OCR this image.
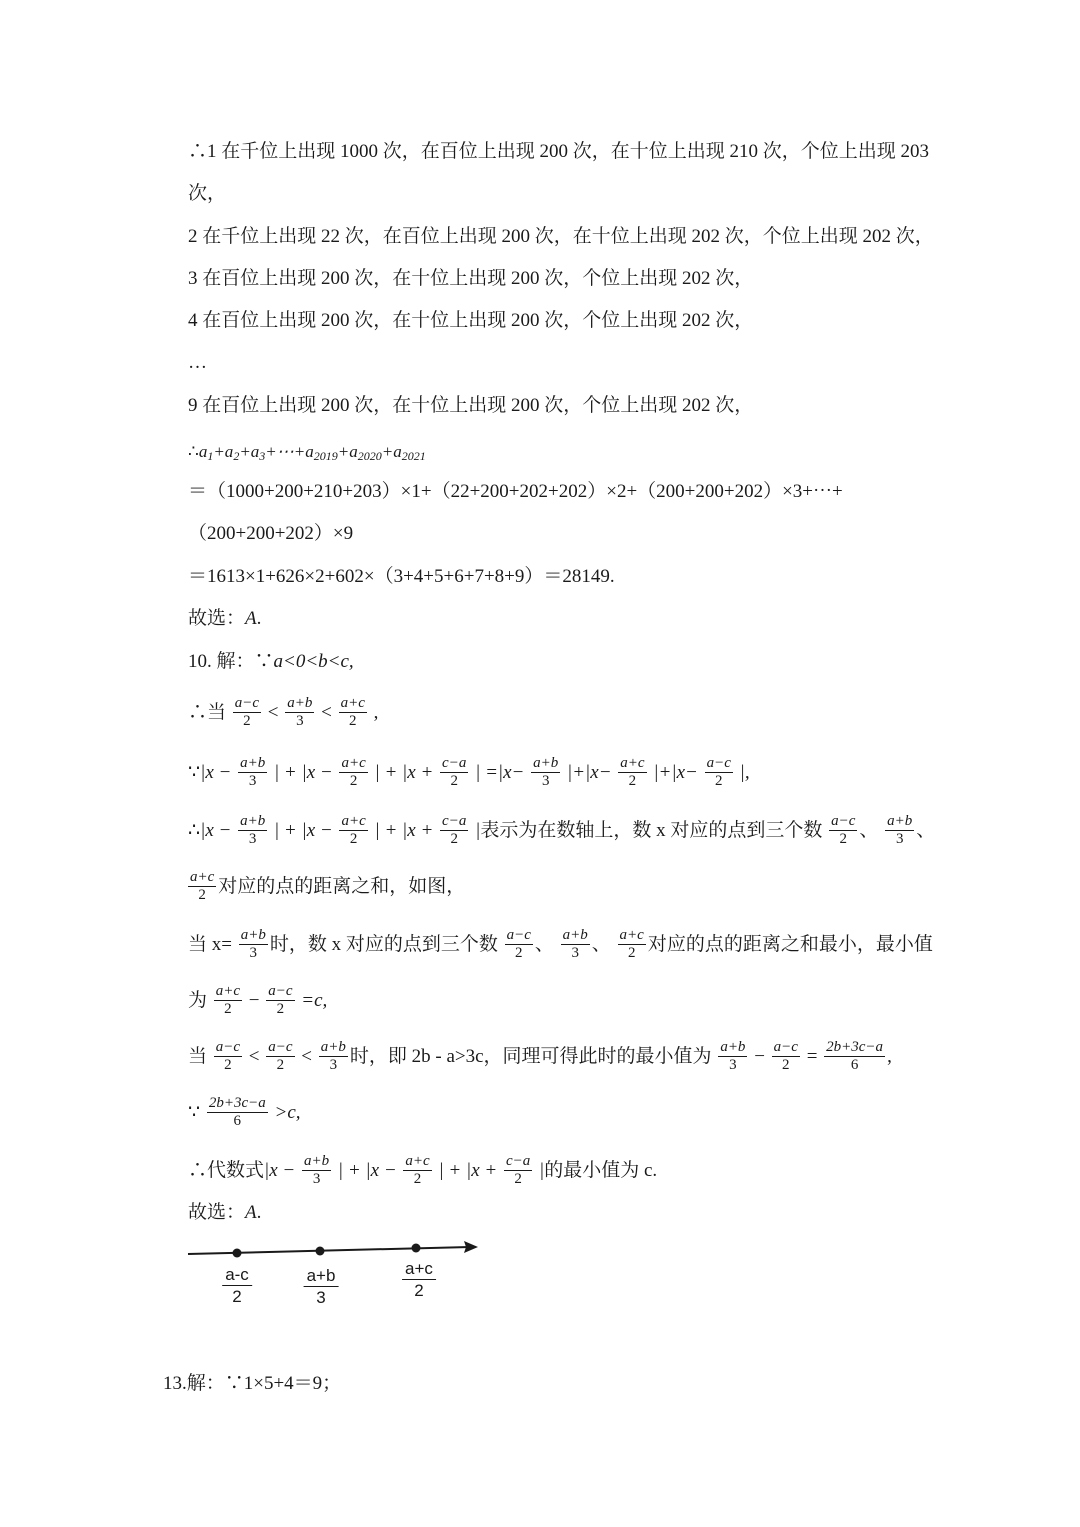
∴1 在千位上出现 1000 次，在百位上出现 200 次，在十位上出现 210 次，个位上出现 203
次，
2 在千位上出现 22 次，在百位上出现 200 次，在十位上出现 202 次，个位上出现 202 次，
3 在百位上出现 200 次，在十位上出现 200 次，个位上出现 202 次，
4 在百位上出现 200 次，在十位上出现 200 次，个位上出现 202 次，
…
9 在百位上出现 200 次，在十位上出现 200 次，个位上出现 202 次，
$\therefore a_1+a_2+a_3+\cdots+a_{2019}+a_{2020}+a_{2021}$
＝（1000+200+210+203）×1+（22+200+202+202）×2+（200+200+202）×3+⋯+
（200+200+202）×9
＝1613×1+626×2+602×（3+4+5+6+7+8+9）＝28149.
故选：A.
10. 解：∵a<0<b<c,
∴当 $\frac{a-c}{2} < \frac{a+b}{3} < \frac{a+c}{2}$ ,
∵|x − $\frac{a+b}{3}$ | + $|x - \frac{a+c}{2}$ | + $|x + \frac{c-a}{2}$ | $=|x- \frac{a+b}{3} |+|x- \frac{a+c}{2} |+|x- \frac{a-c}{2}$ |,
∴|x − $\frac{a+b}{3}$ | + $|x - \frac{a+c}{2}$ | + $|x + \frac{c-a}{2}$ |表示为在数轴上，数 x 对应的点到三个数 $\frac{a-c}{2}$ 、 $\frac{a+b}{3}$ 、
$\frac{a+c}{2}$ 对应的点的距离之和，如图，
当 $x= \frac{a+b}{3}$ 时，数 x 对应的点到三个数 $\frac{a-c}{2}$ 、 $\frac{a+b}{3}$ 、 $\frac{a+c}{2}$ 对应的点的距离之和最小，最小值
为 $\frac{a+c}{2} - \frac{a-c}{2} =c$,
当 $\frac{a-c}{2} < \frac{a-c}{2} < \frac{a+b}{3}$ 时，即 2b - a>3c，同理可得此时的最小值为 $\frac{a+b}{3} - \frac{a-c}{2} = \frac{2b+3c-a}{6}$ ,
∵ $\frac{2b+3c-a}{6} >c$,
∴代数式$|x - \frac{a+b}{3}$ | + $|x - \frac{a+c}{2}$ | + $|x + \frac{c-a}{2}$ |的最小值为 c.
故选：A.
$\frac{a-c}{2}$	$\frac{a+b}{3}$	$\frac{a+c}{2}$
13.解：∵1×5+4＝9；
